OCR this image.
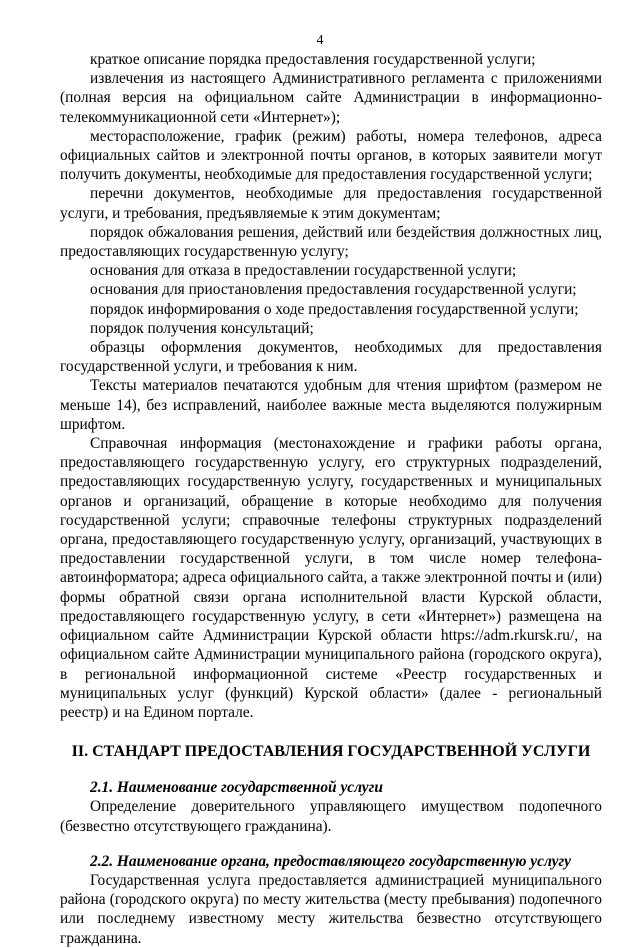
4

краткое описание порядка предоставления государственной услуги;

извлечения из настоящего Административного регламента с приложениями (полная версия на официальном сайте Администрации в информационно-телекоммуникационной сети «Интернет»);

месторасположение, график (режим) работы, номера телефонов, адреса официальных сайтов и электронной почты органов, в которых заявители могут получить документы, необходимые для предоставления государственной услуги;

перечни документов, необходимые для предоставления государственной услуги, и требования, предъявляемые к этим документам;

порядок обжалования решения, действий или бездействия должностных лиц, предоставляющих государственную услугу;

основания для отказа в предоставлении государственной услуги;

основания для приостановления предоставления государственной услуги;

порядок информирования о ходе предоставления государственной услуги;

порядок получения консультаций;

образцы оформления документов, необходимых для предоставления государственной услуги, и требования к ним.

Тексты материалов печатаются удобным для чтения шрифтом (размером не меньше 14), без исправлений, наиболее важные места выделяются полужирным шрифтом.

Справочная информация (местонахождение и графики работы органа, предоставляющего государственную услугу, его структурных подразделений, предоставляющих государственную услугу, государственных и муниципальных органов и организаций, обращение в которые необходимо для получения государственной услуги; справочные телефоны структурных подразделений органа, предоставляющего государственную услугу, организаций, участвующих в предоставлении государственной услуги, в том числе номер телефона-автоинформатора; адреса официального сайта, а также электронной почты и (или) формы обратной связи органа исполнительной власти Курской области, предоставляющего государственную услугу, в сети «Интернет») размещена на официальном сайте Администрации Курской области https://adm.rkursk.ru/, на официальном сайте Администрации муниципального района (городского округа), в региональной информационной системе «Реестр государственных и муниципальных услуг (функций) Курской области» (далее - региональный реестр) и на Едином портале.

II. СТАНДАРТ ПРЕДОСТАВЛЕНИЯ ГОСУДАРСТВЕННОЙ УСЛУГИ
2.1. Наименование государственной услуги

Определение доверительного управляющего имуществом подопечного (безвестно отсутствующего гражданина).

2.2. Наименование органа, предоставляющего государственную услугу

Государственная услуга предоставляется администрацией муниципального района (городского округа) по месту жительства (месту пребывания) подопечного или последнему известному месту жительства безвестно отсутствующего гражданина.
